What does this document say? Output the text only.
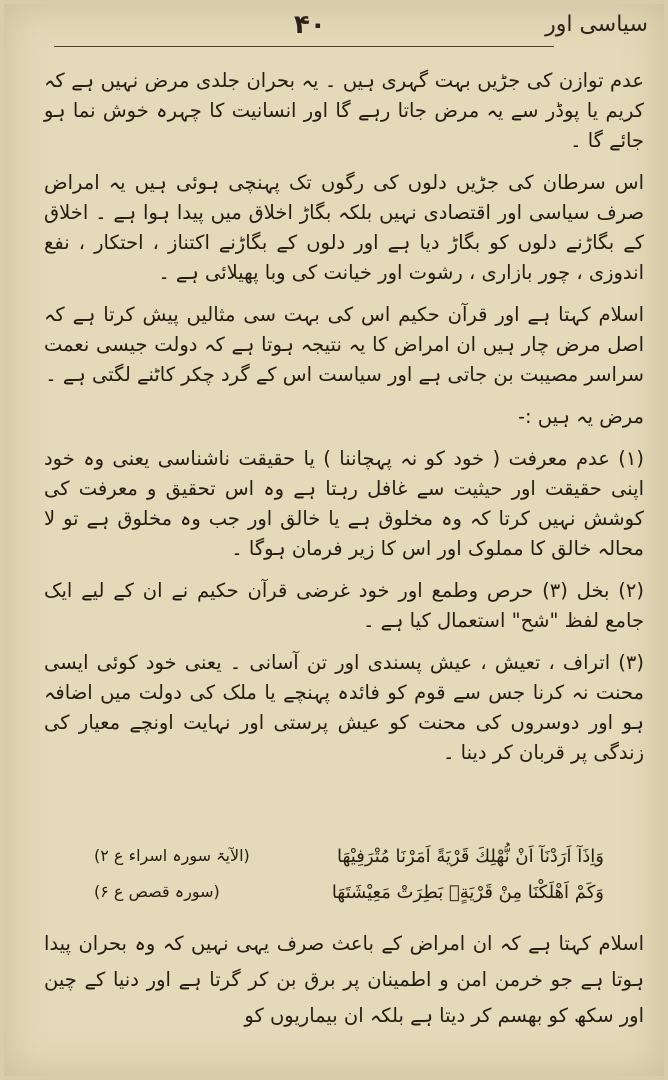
۴۰	سیاسی اور

عدم توازن کی جڑیں بہت گہری ہیں ۔ یہ بحران جلدی مرض نہیں ہے کہ کریم یا پوڈر سے یہ مرض جاتا رہے گا اور انسانیت کا چہرہ خوش نما ہو جائے گا ۔

اس سرطان کی جڑیں دلوں کی رگوں تک پہنچی ہوئی ہیں یہ امراض صرف سیاسی اور اقتصادی نہیں بلکہ بگاڑ اخلاق میں پیدا ہوا ہے ۔ اخلاق کے بگاڑنے دلوں کو بگاڑ دیا ہے اور دلوں کے بگاڑنے اکتناز ، احتکار ، نفع اندوزی ، چور بازاری ، رشوت اور خیانت کی وبا پھیلائی ہے ۔

اسلام کہتا ہے اور قرآن حکیم اس کی بہت سی مثالیں پیش کرتا ہے کہ اصل مرض چار ہیں ان امراض کا یہ نتیجہ ہوتا ہے کہ دولت جیسی نعمت سراسر مصیبت بن جاتی ہے اور سیاست اس کے گرد چکر کاٹنے لگتی ہے ۔

مرض یہ ہیں :-

(۱) عدم معرفت ( خود کو نہ پہچاننا ) یا حقیقت ناشناسی یعنی وہ خود اپنی حقیقت اور حیثیت سے غافل رہتا ہے وہ اس تحقیق و معرفت کی کوشش نہیں کرتا کہ وہ مخلوق ہے یا خالق اور جب وہ مخلوق ہے تو لا محالہ خالق کا مملوک اور اس کا زیر فرمان ہوگا ۔

(۲) بخل (۳) حرص وطمع اور خود غرضی قرآن حکیم نے ان کے لیے ایک جامع لفظ "شح" استعمال کیا ہے ۔

(۳) اتراف ، تعیش ، عیش پسندی اور تن آسانی ۔ یعنی خود کوئی ایسی محنت نہ کرنا جس سے قوم کو فائدہ پہنچے یا ملک کی دولت میں اضافہ ہو اور دوسروں کی محنت کو عیش پرستی اور نہایت اونچے معیار کی زندگی پر قربان کر دینا ۔

وَاِذَآ اَرَدْنَآ اَنْ نُّهْلِكَ قَرْيَةً اَمَرْنَا مُتْرَفِيْهَا
(الآیۃ سورہ اسراء ع ۲)
وَكَمْ اَهْلَكْنَا مِنْ قَرْيَةٍۢ بَطِرَتْ مَعِيْشَتَهَا
(سورہ قصص ع ۶)

اسلام کہتا ہے کہ ان امراض کے باعث صرف یہی نہیں کہ وہ بحران پیدا ہوتا ہے جو خرمن امن و اطمینان پر برق بن کر گرتا ہے اور دنیا کے چین اور سکھ کو بھسم کر دیتا ہے بلکہ ان بیماریوں کو
